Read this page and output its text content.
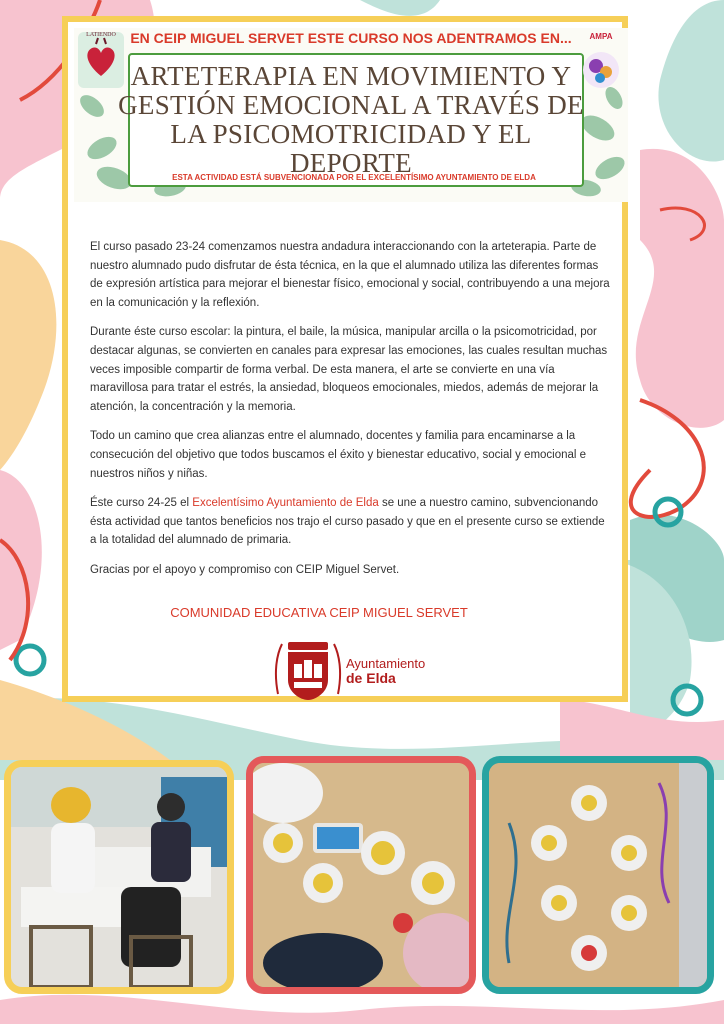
EN CEIP MIGUEL SERVET ESTE CURSO NOS ADENTRAMOS EN...
ARTETERAPIA EN MOVIMIENTO Y
GESTIÓN EMOCIONAL A TRAVÉS DE
LA PSICOMOTRICIDAD Y EL DEPORTE
ESTA ACTIVIDAD ESTÁ SUBVENCIONADA POR EL EXCELENTÍSIMO AYUNTAMIENTO DE ELDA
LATIENDO	AMPA

El curso pasado 23-24 comenzamos nuestra andadura interaccionando con la arteterapia. Parte de nuestro alumnado pudo disfrutar de ésta técnica, en la que el alumnado utiliza las diferentes formas de expresión artística para mejorar el bienestar físico, emocional y social, contribuyendo a una mejora en la comunicación y la reflexión.

Durante éste curso escolar: la pintura, el baile, la música, manipular arcilla o la psicomotricidad, por destacar algunas, se convierten en canales para expresar las emociones, las cuales resultan muchas veces imposible compartir de forma verbal. De esta manera, el arte se convierte en una vía maravillosa para tratar el estrés, la ansiedad, bloqueos emocionales, miedos, además de mejorar la atención, la concentración y la memoria.

Todo un camino que crea alianzas entre el alumnado, docentes y familia para encaminarse a la consecución del objetivo que todos buscamos el éxito y bienestar educativo, social y emocional e nuestros niños y niñas.

Éste curso 24-25 el Excelentísimo Ayuntamiento de Elda se une a nuestro camino, subvencionando ésta actividad que tantos beneficios nos trajo el curso pasado y que en el presente curso se extiende a la totalidad del alumnado de primaria.

Gracias por el apoyo y compromiso con CEIP Miguel Servet.

COMUNIDAD EDUCATIVA CEIP MIGUEL SERVET
Ayuntamiento
de Elda
